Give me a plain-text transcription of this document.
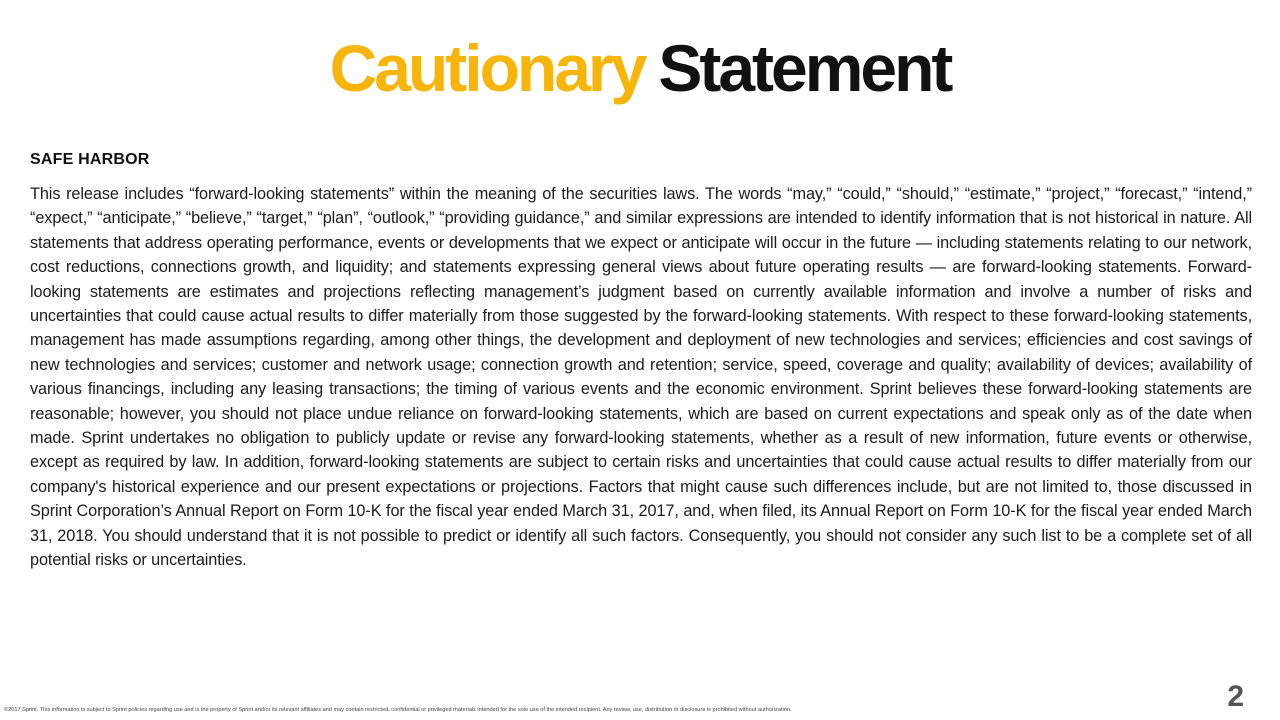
Cautionary Statement
SAFE HARBOR
This release includes “forward-looking statements” within the meaning of the securities laws. The words “may,” “could,” “should,” “estimate,” “project,” “forecast,” “intend,” “expect,” “anticipate,” “believe,” “target,” “plan”, “outlook,” “providing guidance,” and similar expressions are intended to identify information that is not historical in nature. All statements that address operating performance, events or developments that we expect or anticipate will occur in the future — including statements relating to our network, cost reductions, connections growth, and liquidity; and statements expressing general views about future operating results — are forward-looking statements. Forward-looking statements are estimates and projections reflecting management’s judgment based on currently available information and involve a number of risks and uncertainties that could cause actual results to differ materially from those suggested by the forward-looking statements. With respect to these forward-looking statements, management has made assumptions regarding, among other things, the development and deployment of new technologies and services; efficiencies and cost savings of new technologies and services; customer and network usage; connection growth and retention; service, speed, coverage and quality; availability of devices; availability of various financings, including any leasing transactions; the timing of various events and the economic environment. Sprint believes these forward-looking statements are reasonable; however, you should not place undue reliance on forward-looking statements, which are based on current expectations and speak only as of the date when made. Sprint undertakes no obligation to publicly update or revise any forward-looking statements, whether as a result of new information, future events or otherwise, except as required by law. In addition, forward-looking statements are subject to certain risks and uncertainties that could cause actual results to differ materially from our company's historical experience and our present expectations or projections. Factors that might cause such differences include, but are not limited to, those discussed in Sprint Corporation’s Annual Report on Form 10-K for the fiscal year ended March 31, 2017, and, when filed, its Annual Report on Form 10-K for the fiscal year ended March 31, 2018. You should understand that it is not possible to predict or identify all such factors. Consequently, you should not consider any such list to be a complete set of all potential risks or uncertainties.
©2017 Sprint. This information is subject to Sprint policies regarding use and is the property of Sprint and/or its relevant affiliates and may contain restricted, confidential or privileged materials intended for the sole use of the intended recipient. Any review, use, distribution or disclosure is prohibited without authorization.	2
